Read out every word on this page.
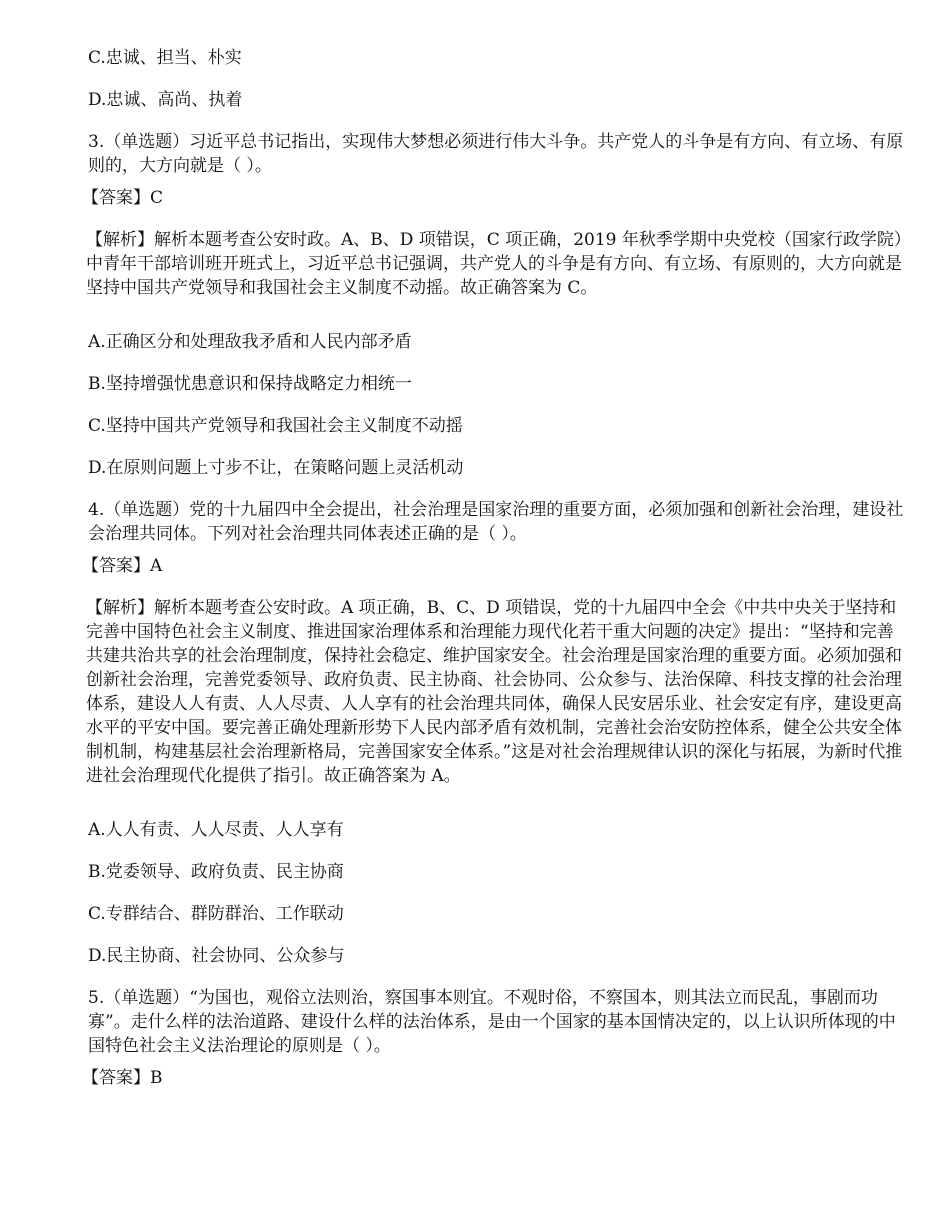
C.忠诚、担当、朴实

D.忠诚、高尚、执着

3.（单选题）习近平总书记指出，实现伟大梦想必须进行伟大斗争。共产党人的斗争是有方向、有立场、有原则的，大方向就是（ ）。

【答案】C

【解析】解析本题考查公安时政。A、B、D 项错误，C 项正确，2019 年秋季学期中央党校（国家行政学院）中青年干部培训班开班式上，习近平总书记强调，共产党人的斗争是有方向、有立场、有原则的，大方向就是坚持中国共产党领导和我国社会主义制度不动摇。故正确答案为 C。

A.正确区分和处理敌我矛盾和人民内部矛盾

B.坚持增强忧患意识和保持战略定力相统一

C.坚持中国共产党领导和我国社会主义制度不动摇

D.在原则问题上寸步不让，在策略问题上灵活机动

4.（单选题）党的十九届四中全会提出，社会治理是国家治理的重要方面，必须加强和创新社会治理，建设社会治理共同体。下列对社会治理共同体表述正确的是（ ）。

【答案】A

【解析】解析本题考查公安时政。A 项正确，B、C、D 项错误，党的十九届四中全会《中共中央关于坚持和完善中国特色社会主义制度、推进国家治理体系和治理能力现代化若干重大问题的决定》提出：“坚持和完善共建共治共享的社会治理制度，保持社会稳定、维护国家安全。社会治理是国家治理的重要方面。必须加强和创新社会治理，完善党委领导、政府负责、民主协商、社会协同、公众参与、法治保障、科技支撑的社会治理体系，建设人人有责、人人尽责、人人享有的社会治理共同体，确保人民安居乐业、社会安定有序，建设更高水平的平安中国。要完善正确处理新形势下人民内部矛盾有效机制，完善社会治安防控体系，健全公共安全体制机制，构建基层社会治理新格局，完善国家安全体系。”这是对社会治理规律认识的深化与拓展，为新时代推进社会治理现代化提供了指引。故正确答案为 A。

A.人人有责、人人尽责、人人享有

B.党委领导、政府负责、民主协商

C.专群结合、群防群治、工作联动

D.民主协商、社会协同、公众参与

5.（单选题）“为国也，观俗立法则治，察国事本则宜。不观时俗，不察国本，则其法立而民乱，事剧而功寡”。走什么样的法治道路、建设什么样的法治体系，是由一个国家的基本国情决定的，以上认识所体现的中国特色社会主义法治理论的原则是（ ）。

【答案】B
